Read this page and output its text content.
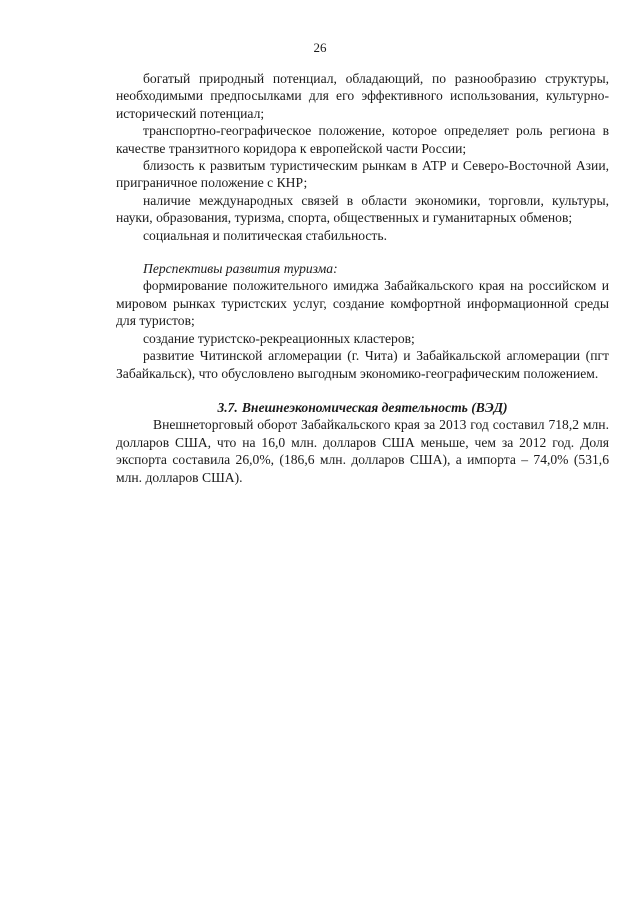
26

богатый природный потенциал, обладающий, по разнообразию структуры, необходимыми предпосылками для его эффективного использования, культурно-исторический потенциал;

транспортно-географическое положение, которое определяет роль региона в качестве транзитного коридора к европейской части России;

близость к развитым туристическим рынкам в АТР и Северо-Восточной Азии, приграничное положение с КНР;

наличие международных связей в области экономики, торговли, культуры, науки, образования, туризма, спорта, общественных и гуманитарных обменов;

социальная и политическая стабильность.

Перспективы развития туризма:

формирование положительного имиджа Забайкальского края на российском и мировом рынках туристских услуг, создание комфортной информационной среды для туристов;

создание туристско-рекреационных кластеров;

развитие Читинской агломерации (г. Чита) и Забайкальской агломерации (пгт Забайкальск), что обусловлено выгодным экономико-географическим положением.

3.7. Внешнеэкономическая деятельность (ВЭД)

Внешнеторговый оборот Забайкальского края за 2013 год составил 718,2 млн. долларов США, что на 16,0 млн. долларов США меньше, чем за 2012 год. Доля экспорта составила 26,0%, (186,6 млн. долларов США), а импорта – 74,0% (531,6 млн. долларов США).
